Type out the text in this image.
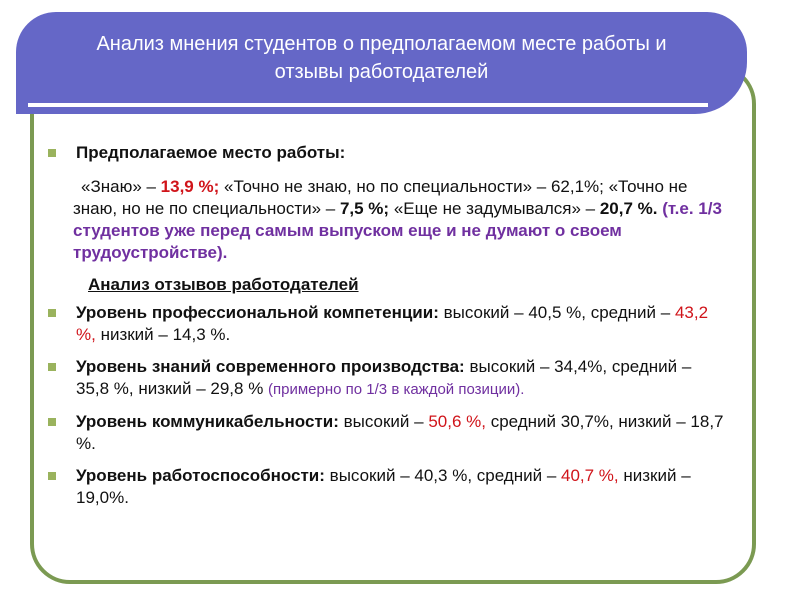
Анализ мнения студентов о предполагаемом месте работы и
отзывы работодателей
Предполагаемое место работы:
«Знаю» – 13,9 %; «Точно не знаю, но по специальности» – 62,1%; «Точно не знаю, но не по специальности» – 7,5 %; «Еще не задумывался» – 20,7 %. (т.е. 1/3 студентов уже перед самым выпуском еще и не думают о своем трудоустройстве).
Анализ отзывов работодателей
Уровень профессиональной компетенции: высокий – 40,5 %, средний – 43,2 %, низкий – 14,3 %.
Уровень знаний современного производства: высокий – 34,4%, средний – 35,8 %, низкий – 29,8 % (примерно по 1/3 в каждой позиции).
Уровень коммуникабельности: высокий – 50,6 %, средний 30,7%, низкий – 18,7 %.
Уровень работоспособности: высокий – 40,3 %, средний – 40,7 %, низкий – 19,0%.
